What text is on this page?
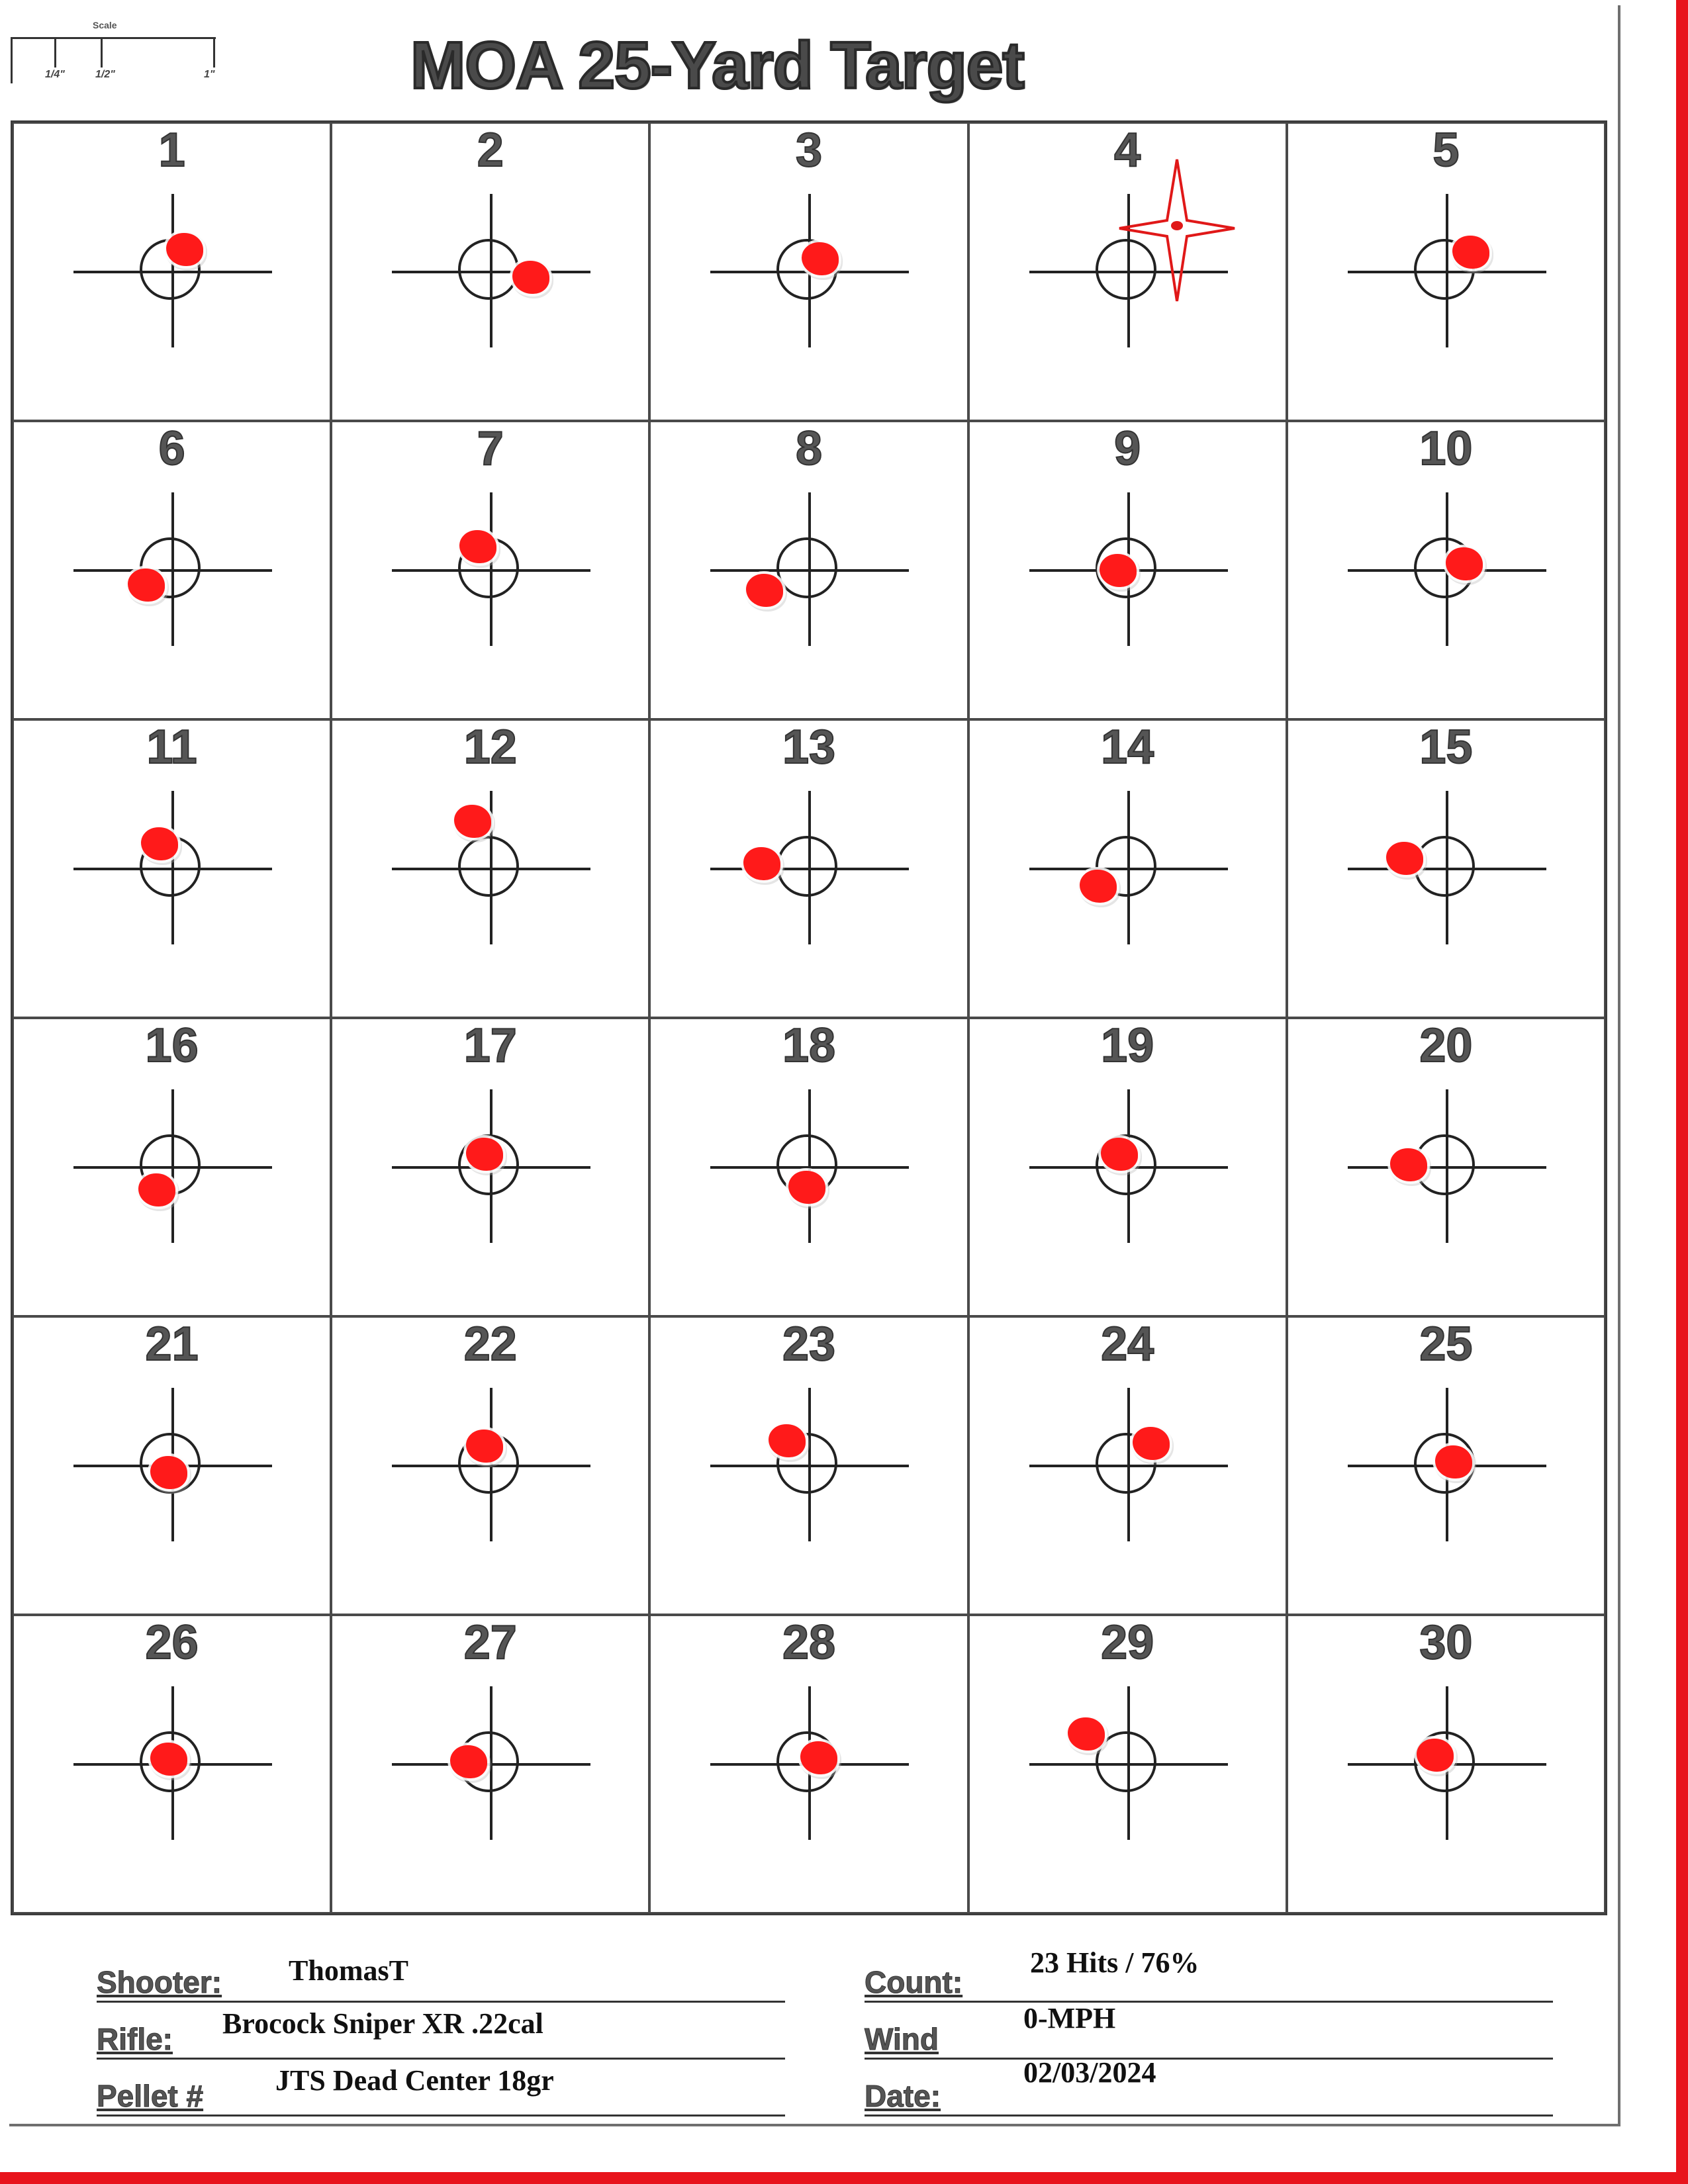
Scale
1/4"	1/2"	1"	MOA 25-Yard Target
1	2	3	4	5
6	7	8	9	10
11	12	13	14	15
16	17	18	19	20
21	22	23	24	25
26	27	28	29	30
Shooter: ThomasT
Rifle: Brocock Sniper XR .22cal
Pellet # JTS Dead Center 18gr
Count:
23 Hits / 76%
Wind
0-MPH
Date:
02/03/2024
